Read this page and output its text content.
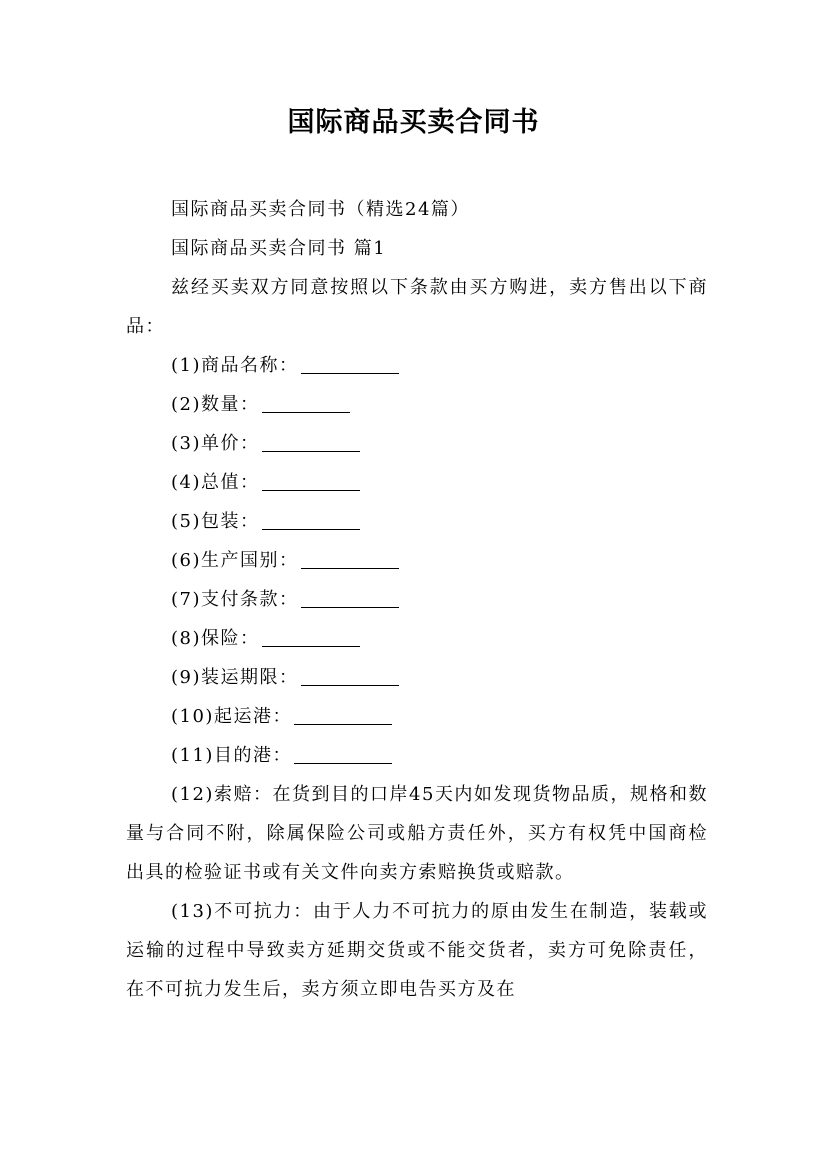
国际商品买卖合同书

国际商品买卖合同书（精选24篇）

国际商品买卖合同书 篇1

兹经买卖双方同意按照以下条款由买方购进，卖方售出以下商品：

(1)商品名称：

(2)数量：

(3)单价：

(4)总值：

(5)包装：

(6)生产国别：

(7)支付条款：

(8)保险：

(9)装运期限：

(10)起运港：

(11)目的港：

(12)索赔：在货到目的口岸45天内如发现货物品质，规格和数量与合同不附，除属保险公司或船方责任外，买方有权凭中国商检出具的检验证书或有关文件向卖方索赔换货或赔款。

(13)不可抗力：由于人力不可抗力的原由发生在制造，装载或运输的过程中导致卖方延期交货或不能交货者，卖方可免除责任，在不可抗力发生后，卖方须立即电告买方及在
